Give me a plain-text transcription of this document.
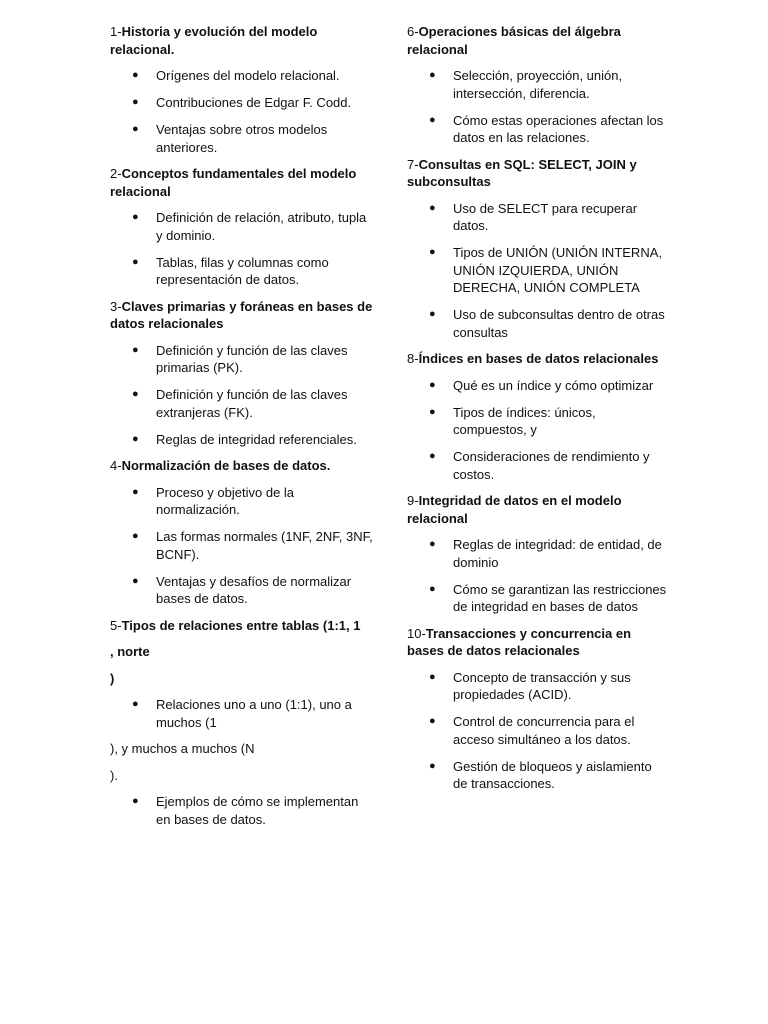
1-Historia y evolución del modelo relacional.

● Orígenes del modelo relacional.
● Contribuciones de Edgar F. Codd.
● Ventajas sobre otros modelos anteriores.

2-Conceptos fundamentales del modelo relacional

● Definición de relación, atributo, tupla y dominio.
● Tablas, filas y columnas como representación de datos.

3-Claves primarias y foráneas en bases de datos relacionales

● Definición y función de las claves primarias (PK).
● Definición y función de las claves extranjeras (FK).
● Reglas de integridad referenciales.

4-Normalización de bases de datos.

● Proceso y objetivo de la normalización.
● Las formas normales (1NF, 2NF, 3NF, BCNF).
● Ventajas y desafíos de normalizar bases de datos.

5-Tipos de relaciones entre tablas (1:1, 1

, norte

)

● Relaciones uno a uno (1:1), uno a muchos (1

), y muchos a muchos (N

).

● Ejemplos de cómo se implementan en bases de datos.

6-Operaciones básicas del álgebra relacional

● Selección, proyección, unión, intersección, diferencia.
● Cómo estas operaciones afectan los datos en las relaciones.

7-Consultas en SQL: SELECT, JOIN y subconsultas

● Uso de SELECT para recuperar datos.
● Tipos de UNIÓN (UNIÓN INTERNA, UNIÓN IZQUIERDA, UNIÓN DERECHA, UNIÓN COMPLETA
● Uso de subconsultas dentro de otras consultas

8-Índices en bases de datos relacionales

● Qué es un índice y cómo optimizar
● Tipos de índices: únicos, compuestos, y
● Consideraciones de rendimiento y costos.

9-Integridad de datos en el modelo relacional

● Reglas de integridad: de entidad, de dominio
● Cómo se garantizan las restricciones de integridad en bases de datos

10-Transacciones y concurrencia en bases de datos relacionales

● Concepto de transacción y sus propiedades (ACID).
● Control de concurrencia para el acceso simultáneo a los datos.
● Gestión de bloqueos y aislamiento de transacciones.
